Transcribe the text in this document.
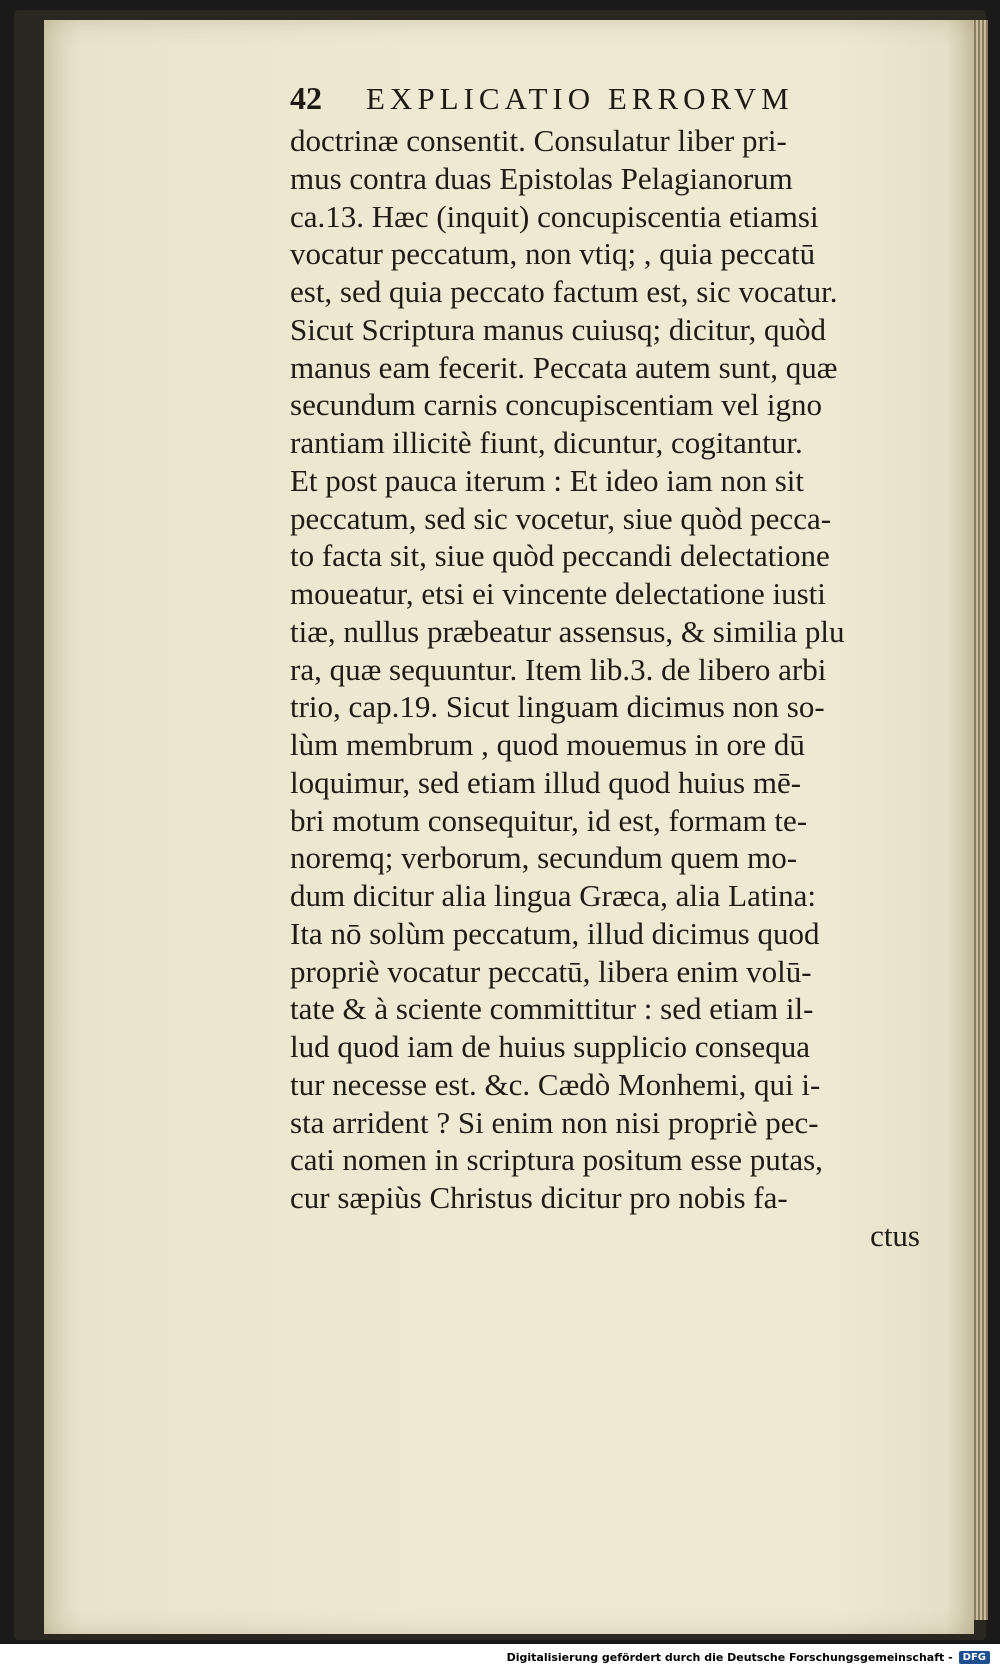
42 EXPLICATIO ERRORVM
doctrinæ consentit. Consulatur liber pri-
mus contra duas Epistolas Pelagianorum
ca.13. Hæc (inquit) concupiscentia etiamsi
vocatur peccatum, non vtiq; , quia peccatū
est, sed quia peccato factum est, sic vocatur.
Sicut Scriptura manus cuiusq; dicitur, quòd
manus eam fecerit. Peccata autem sunt, quæ
secundum carnis concupiscentiam vel igno
rantiam illicitè fiunt, dicuntur, cogitantur.
Et post pauca iterum : Et ideo iam non sit
peccatum, sed sic vocetur, siue quòd pecca-
to facta sit, siue quòd peccandi delectatione
moueatur, etsi ei vincente delectatione iusti
tiæ, nullus præbeatur assensus, & similia plu
ra, quæ sequuntur. Item lib.3. de libero arbi
trio, cap.19. Sicut linguam dicimus non so-
lùm membrum , quod mouemus in ore dū
loquimur, sed etiam illud quod huius mē-
bri motum consequitur, id est, formam te-
noremq; verborum, secundum quem mo-
dum dicitur alia lingua Græca, alia Latina:
Ita nō solùm peccatum, illud dicimus quod
propriè vocatur peccatū, libera enim volū-
tate & à sciente committitur : sed etiam il-
lud quod iam de huius supplicio consequa
tur necesse est. &c. Cædò Monhemi, qui i-
sta arrident ? Si enim non nisi propriè pec-
cati nomen in scriptura positum esse putas,
cur sæpiùs Christus dicitur pro nobis fa-
ctus
Digitalisierung gefördert durch die Deutsche Forschungsgemeinschaft -	DFG
